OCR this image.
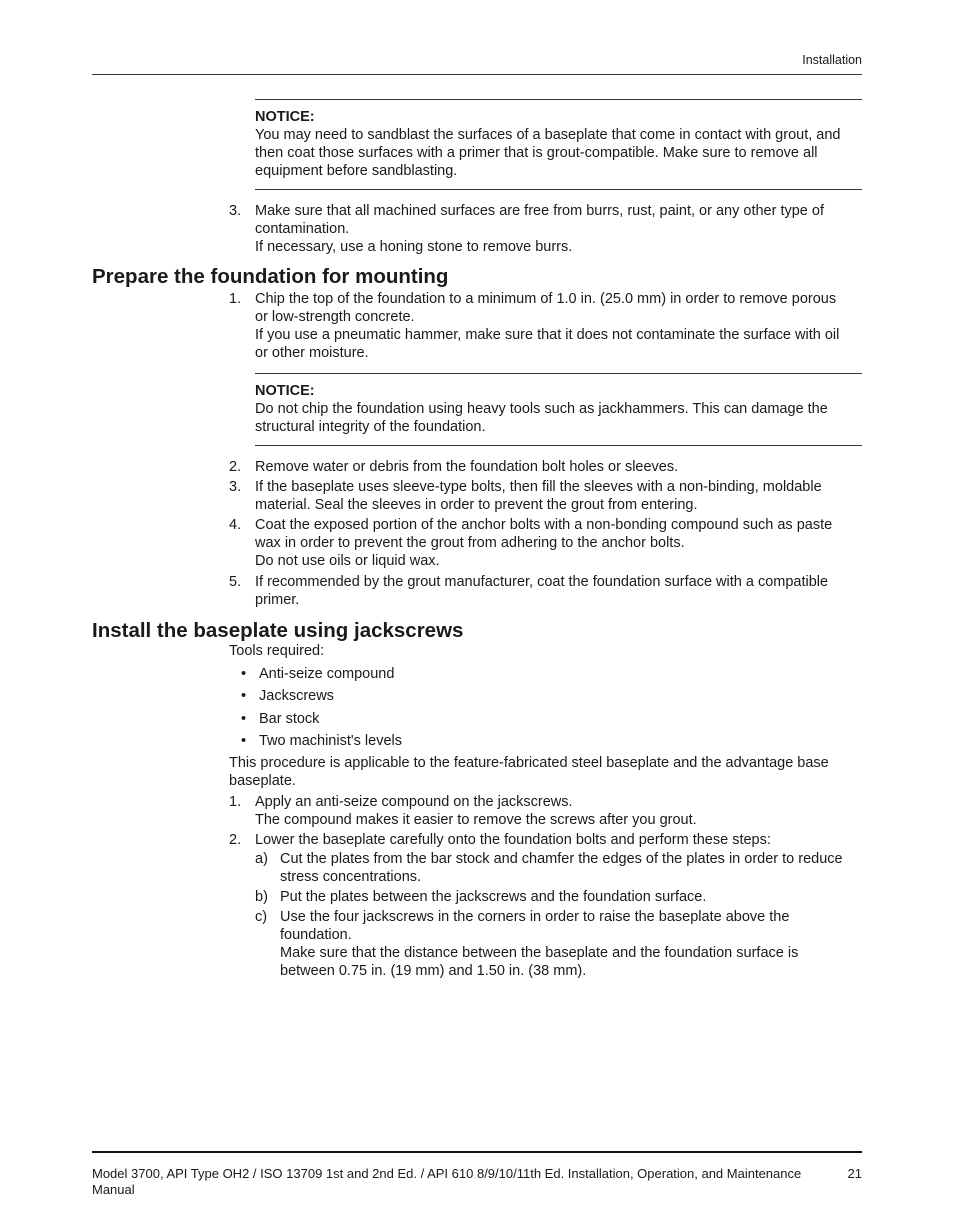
Installation
NOTICE:
You may need to sandblast the surfaces of a baseplate that come in contact with grout, and
then coat those surfaces with a primer that is grout-compatible. Make sure to remove all
equipment before sandblasting.
3. Make sure that all machined surfaces are free from burrs, rust, paint, or any other type of
contamination.
If necessary, use a honing stone to remove burrs.
Prepare the foundation for mounting
1. Chip the top of the foundation to a minimum of 1.0 in. (25.0 mm) in order to remove porous
or low-strength concrete.
If you use a pneumatic hammer, make sure that it does not contaminate the surface with oil
or other moisture.
NOTICE:
Do not chip the foundation using heavy tools such as jackhammers. This can damage the
structural integrity of the foundation.
2. Remove water or debris from the foundation bolt holes or sleeves.
3. If the baseplate uses sleeve-type bolts, then fill the sleeves with a non-binding, moldable
material. Seal the sleeves in order to prevent the grout from entering.
4. Coat the exposed portion of the anchor bolts with a non-bonding compound such as paste
wax in order to prevent the grout from adhering to the anchor bolts.
Do not use oils or liquid wax.
5. If recommended by the grout manufacturer, coat the foundation surface with a compatible
primer.
Install the baseplate using jackscrews
Tools required:
• Anti-seize compound
• Jackscrews
• Bar stock
• Two machinist's levels
This procedure is applicable to the feature-fabricated steel baseplate and the advantage base
baseplate.
1. Apply an anti-seize compound on the jackscrews.
The compound makes it easier to remove the screws after you grout.
2. Lower the baseplate carefully onto the foundation bolts and perform these steps:
a) Cut the plates from the bar stock and chamfer the edges of the plates in order to reduce
stress concentrations.
b) Put the plates between the jackscrews and the foundation surface.
c) Use the four jackscrews in the corners in order to raise the baseplate above the
foundation.
Make sure that the distance between the baseplate and the foundation surface is
between 0.75 in. (19 mm) and 1.50 in. (38 mm).
Model 3700, API Type OH2 / ISO 13709 1st and 2nd Ed. / API 610 8/9/10/11th Ed. Installation, Operation, and Maintenance
Manual
21
